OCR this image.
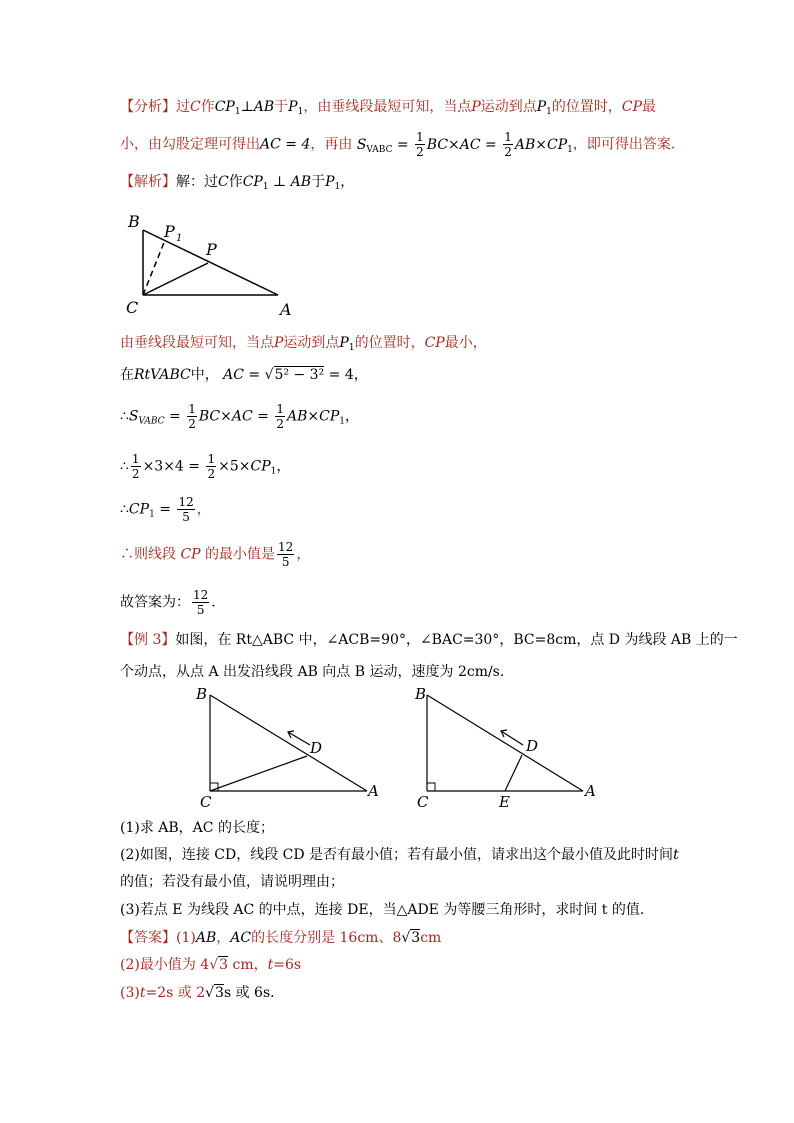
【分析】过C作$CP_1\perp AB$于$P_1$，由垂线段最短可知，当点P运动到点$P_1$的位置时，CP最
小，由勾股定理可得出AC = 4，再由 $S_{VABC} = \frac{1}{2} BC\times AC = \frac{1}{2} AB\times CP_1$，即可得出答案．
【解析】解：过C作$CP_1$ ⊥ AB于$P_1$，
B
P 1
P
C	A
由垂线段最短可知，当点P运动到点$P_1$的位置时，CP最小，
在RtVABC中， AC = √5² − 3² = 4，
$\therefore S_{VABC} = \frac{1}{2} BC\times AC = \frac{1}{2} AB\times CP_1$，
∴ $\frac{1}{2} \times 3\times 4 = \frac{1}{2} \times 5\times CP_1$，
$\therefore CP_1 = \frac{12}{5}$ ，
∴则线段 CP 的最小值是 $\frac{12}{5}$ ，
故答案为： $\frac{12}{5}$ ．
【例 3】如图，在 Rt△ABC 中，∠ACB=90°，∠BAC=30°，BC=8cm，点 D 为线段 AB 上的一
个动点，从点 A 出发沿线段 AB 向点 B 运动，速度为 2cm/s.
B
D
C
A
B
D
C	E
A
(1)求 AB，AC 的长度；
(2)如图，连接 CD，线段 CD 是否有最小值；若有最小值，请求出这个最小值及此时时间t
的值；若没有最小值，请说明理由；
(3)若点 E 为线段 AC 的中点，连接 DE，当△ADE 为等腰三角形时，求时间 t 的值.
【答案】(1)AB，AC的长度分别是 16cm、8√3cm
(2)最小值为 4√3 cm，t=6s
(3)t=2s 或 2√3s 或 6s．
